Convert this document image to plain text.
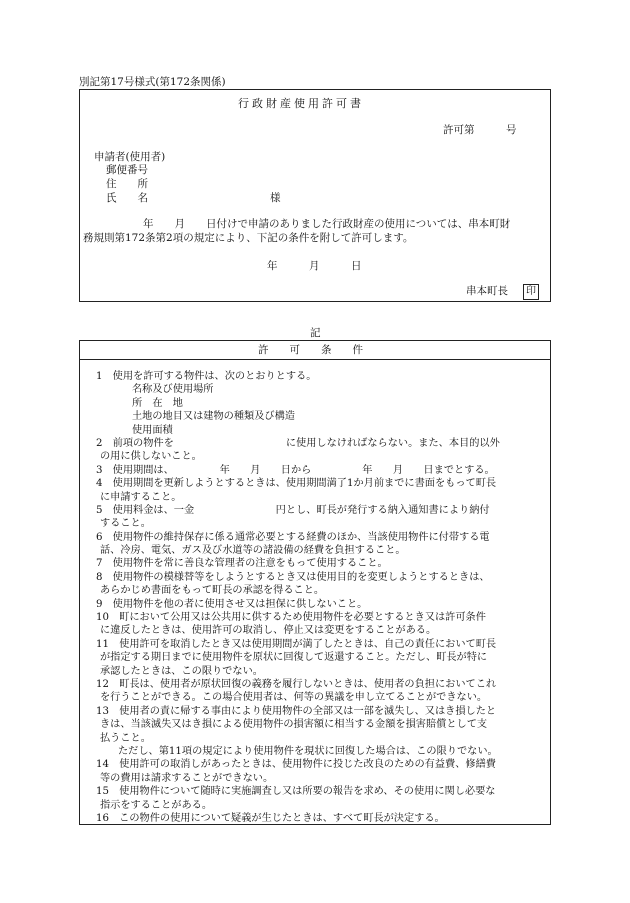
別記第17号様式(第172条関係)
行政財産使用許可書
許可第　　　号
申請者(使用者)
郵便番号
住　　所
氏　　名	様
年　　月　　日付けで申請のありました行政財産の使用については、串本町財
務規則第172条第2項の規定により、下記の条件を附して許可します。
年　　　月　　　日
串本町長	印
記
許　　可　　条　　件
1　使用を許可する物件は、次のとおりとする。
名称及び使用場所
所　在　地
土地の地目又は建物の種類及び構造
使用面積
2　前項の物件を　　　　　　　　　　　に使用しなければならない。また、本目的以外
の用に供しないこと。
3　使用期間は、　　　　　年　　月　　日から　　　　　年　　月　　日までとする。
4　使用期間を更新しようとするときは、使用期間満了1か月前までに書面をもって町長
に申請すること。
5　使用料金は、一金　　　　　　　　円とし、町長が発行する納入通知書により納付
すること。
6　使用物件の維持保存に係る通常必要とする経費のほか、当該使用物件に付帯する電
話、冷房、電気、ガス及び水道等の諸設備の経費を負担すること。
7　使用物件を常に善良な管理者の注意をもって使用すること。
8　使用物件の模様替等をしようとするとき又は使用目的を変更しようとするときは、
あらかじめ書面をもって町長の承認を得ること。
9　使用物件を他の者に使用させ又は担保に供しないこと。
10　町において公用又は公共用に供するため使用物件を必要とするとき又は許可条件
に違反したときは、使用許可の取消し、停止又は変更をすることがある。
11　使用許可を取消したとき又は使用期間が満了したときは、自己の責任において町長
が指定する期日までに使用物件を原状に回復して返還すること。ただし、町長が特に
承認したときは、この限りでない。
12　町長は、使用者が原状回復の義務を履行しないときは、使用者の負担においてこれ
を行うことができる。この場合使用者は、何等の異議を申し立てることができない。
13　使用者の責に帰する事由により使用物件の全部又は一部を滅失し、又はき損したと
きは、当該滅失又はき損による使用物件の損害額に相当する金額を損害賠償として支
払うこと。
ただし、第11項の規定により使用物件を現状に回復した場合は、この限りでない。
14　使用許可の取消しがあったときは、使用物件に投じた改良のための有益費、修繕費
等の費用は請求することができない。
15　使用物件について随時に実施調査し又は所要の報告を求め、その使用に関し必要な
指示をすることがある。
16　この物件の使用について疑義が生じたときは、すべて町長が決定する。
